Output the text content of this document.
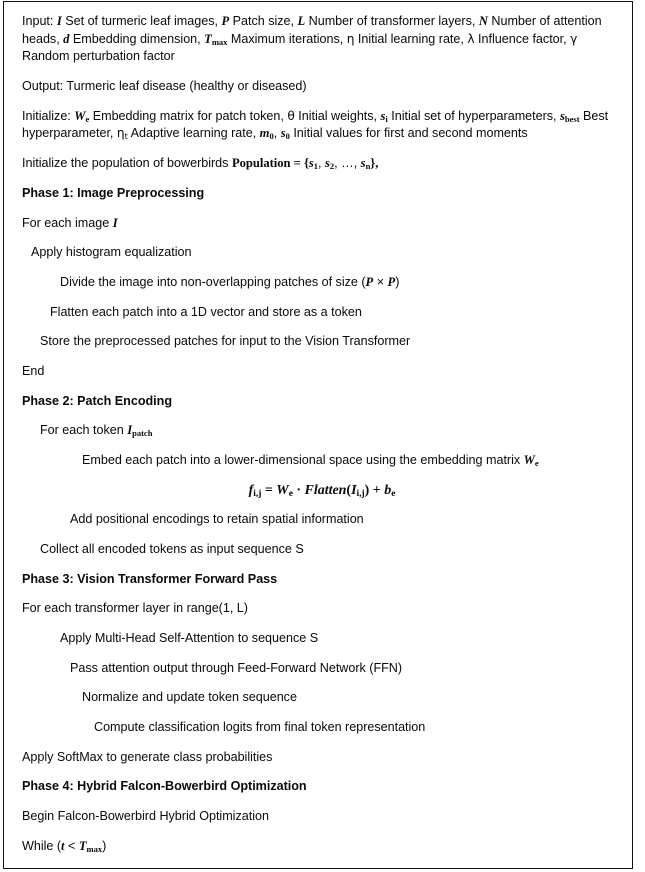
Input: I Set of turmeric leaf images, P Patch size, L Number of transformer layers, N Number of attention heads, d Embedding dimension, $T_{max}$ Maximum iterations, η Initial learning rate, λ Influence factor, γ Random perturbation factor

Output: Turmeric leaf disease (healthy or diseased)

Initialize: $W_e$ Embedding matrix for patch token, θ Initial weights, $s_i$ Initial set of hyperparameters, $s_{best}$ Best hyperparameter, $\eta_t$ Adaptive learning rate, $m_0$, $s_0$ Initial values for first and second moments

Initialize the population of bowerbirds Population = {$s_1$, $s_2$, …, $s_n$},

Phase 1: Image Preprocessing

For each image I

Apply histogram equalization

Divide the image into non-overlapping patches of size (P × P)

Flatten each patch into a 1D vector and store as a token

Store the preprocessed patches for input to the Vision Transformer

End

Phase 2: Patch Encoding

For each token $I_{patch}$

Embed each patch into a lower-dimensional space using the embedding matrix $W_e$

$f_{i,j} = W_e$ · $Flatten(I_{i,j}) + b_e$

Add positional encodings to retain spatial information

Collect all encoded tokens as input sequence S

Phase 3: Vision Transformer Forward Pass

For each transformer layer in range(1, L)

Apply Multi-Head Self-Attention to sequence S

Pass attention output through Feed-Forward Network (FFN)

Normalize and update token sequence

Compute classification logits from final token representation

Apply SoftMax to generate class probabilities

Phase 4: Hybrid Falcon-Bowerbird Optimization

Begin Falcon-Bowerbird Hybrid Optimization

While $(t < T_{max})$
